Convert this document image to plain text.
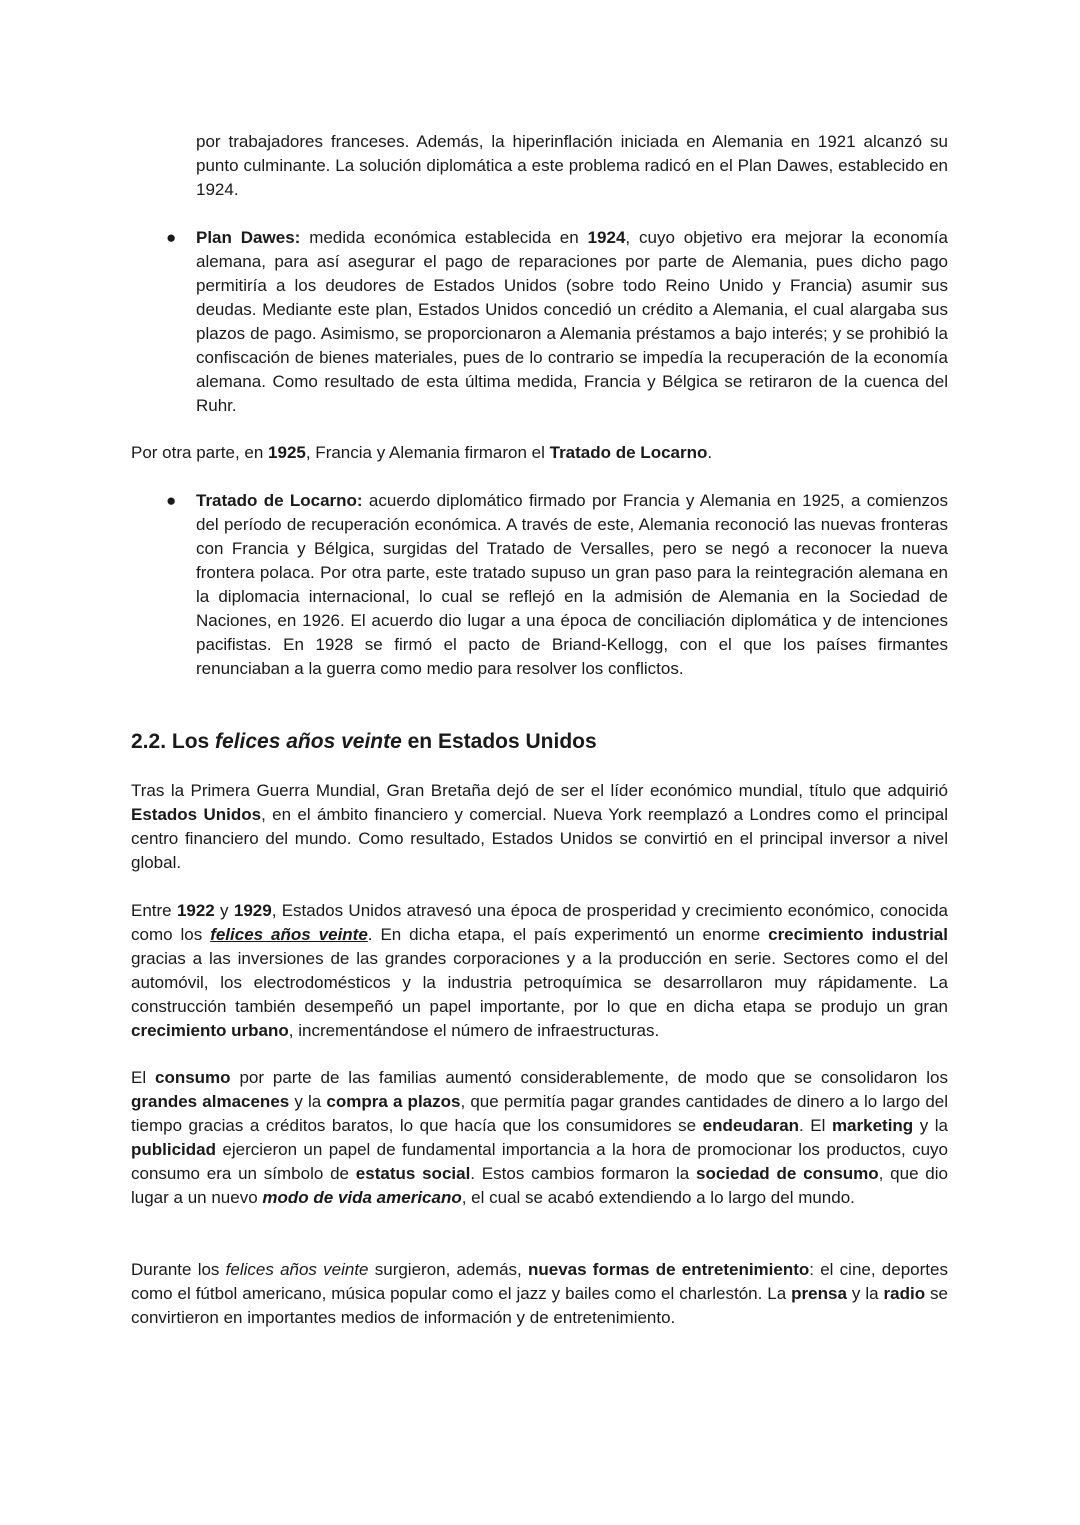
por trabajadores franceses. Además, la hiperinflación iniciada en Alemania en 1921 alcanzó su punto culminante. La solución diplomática a este problema radicó en el Plan Dawes, establecido en 1924.

● Plan Dawes: medida económica establecida en 1924, cuyo objetivo era mejorar la economía alemana, para así asegurar el pago de reparaciones por parte de Alemania, pues dicho pago permitiría a los deudores de Estados Unidos (sobre todo Reino Unido y Francia) asumir sus deudas. Mediante este plan, Estados Unidos concedió un crédito a Alemania, el cual alargaba sus plazos de pago. Asimismo, se proporcionaron a Alemania préstamos a bajo interés; y se prohibió la confiscación de bienes materiales, pues de lo contrario se impedía la recuperación de la economía alemana. Como resultado de esta última medida, Francia y Bélgica se retiraron de la cuenca del Ruhr.

Por otra parte, en 1925, Francia y Alemania firmaron el Tratado de Locarno.

● Tratado de Locarno: acuerdo diplomático firmado por Francia y Alemania en 1925, a comienzos del período de recuperación económica. A través de este, Alemania reconoció las nuevas fronteras con Francia y Bélgica, surgidas del Tratado de Versalles, pero se negó a reconocer la nueva frontera polaca. Por otra parte, este tratado supuso un gran paso para la reintegración alemana en la diplomacia internacional, lo cual se reflejó en la admisión de Alemania en la Sociedad de Naciones, en 1926. El acuerdo dio lugar a una época de conciliación diplomática y de intenciones pacifistas. En 1928 se firmó el pacto de Briand-Kellogg, con el que los países firmantes renunciaban a la guerra como medio para resolver los conflictos.

2.2. Los felices años veinte en Estados Unidos

Tras la Primera Guerra Mundial, Gran Bretaña dejó de ser el líder económico mundial, título que adquirió Estados Unidos, en el ámbito financiero y comercial. Nueva York reemplazó a Londres como el principal centro financiero del mundo. Como resultado, Estados Unidos se convirtió en el principal inversor a nivel global.

Entre 1922 y 1929, Estados Unidos atravesó una época de prosperidad y crecimiento económico, conocida como los felices años veinte. En dicha etapa, el país experimentó un enorme crecimiento industrial gracias a las inversiones de las grandes corporaciones y a la producción en serie. Sectores como el del automóvil, los electrodomésticos y la industria petroquímica se desarrollaron muy rápidamente. La construcción también desempeñó un papel importante, por lo que en dicha etapa se produjo un gran crecimiento urbano, incrementándose el número de infraestructuras.

El consumo por parte de las familias aumentó considerablemente, de modo que se consolidaron los grandes almacenes y la compra a plazos, que permitía pagar grandes cantidades de dinero a lo largo del tiempo gracias a créditos baratos, lo que hacía que los consumidores se endeudaran. El marketing y la publicidad ejercieron un papel de fundamental importancia a la hora de promocionar los productos, cuyo consumo era un símbolo de estatus social. Estos cambios formaron la sociedad de consumo, que dio lugar a un nuevo modo de vida americano, el cual se acabó extendiendo a lo largo del mundo.

Durante los felices años veinte surgieron, además, nuevas formas de entretenimiento: el cine, deportes como el fútbol americano, música popular como el jazz y bailes como el charlestón. La prensa y la radio se convirtieron en importantes medios de información y de entretenimiento.
